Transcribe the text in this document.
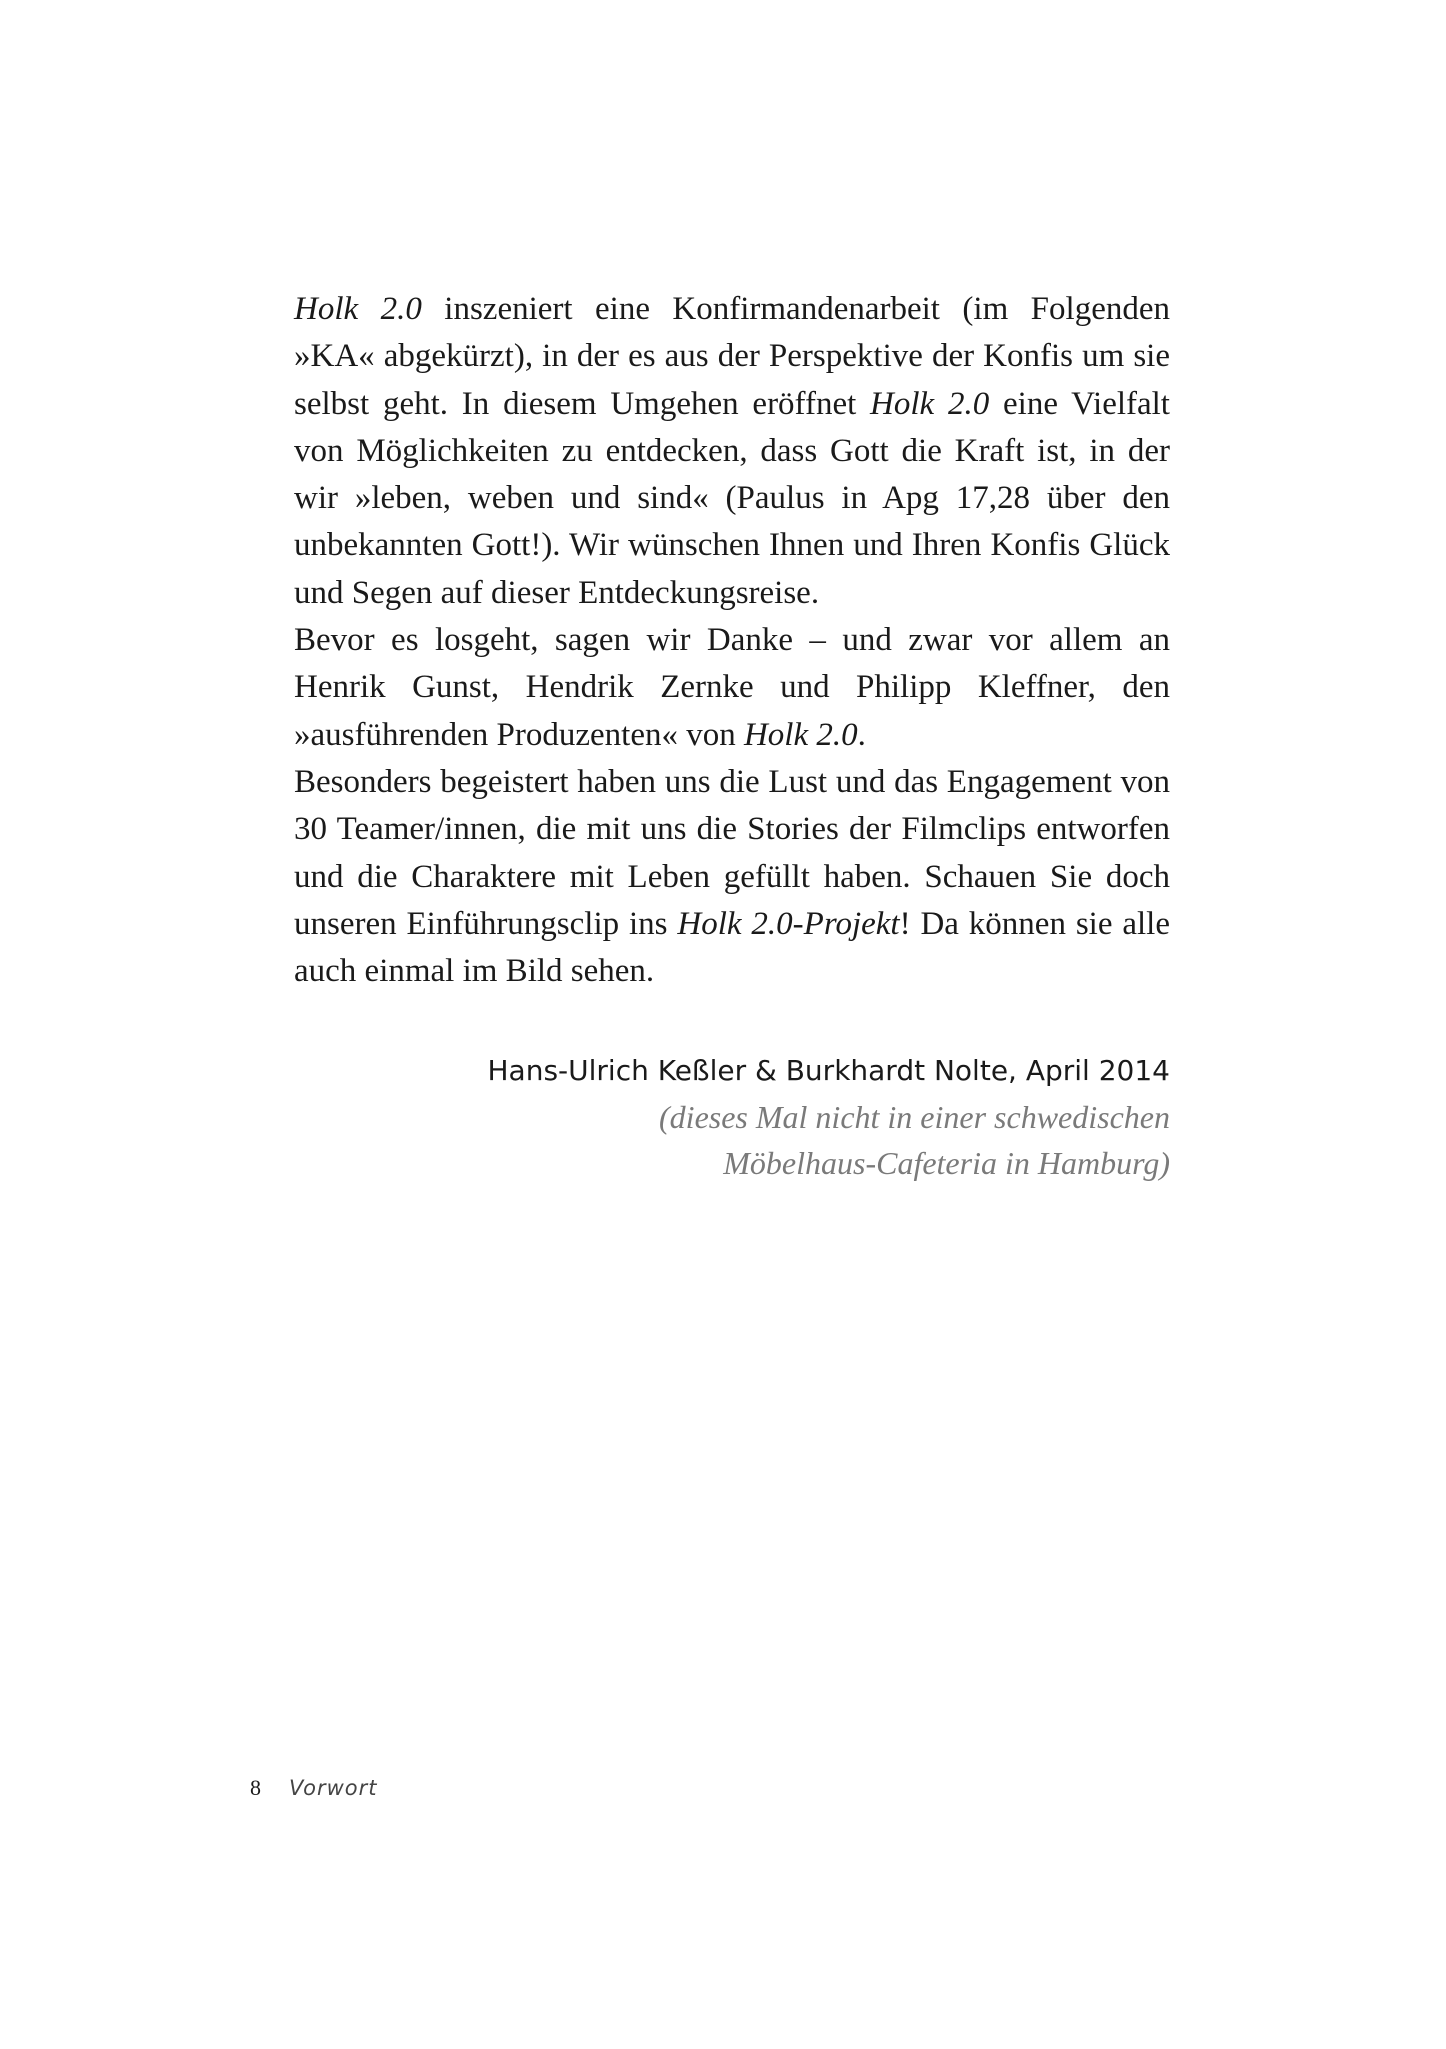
Holk 2.0 inszeniert eine Konfirmandenarbeit (im Folgenden »KA« abgekürzt), in der es aus der Perspektive der Konfis um sie selbst geht. In diesem Umgehen eröffnet Holk 2.0 eine Vielfalt von Möglichkeiten zu entdecken, dass Gott die Kraft ist, in der wir »leben, weben und sind« (Paulus in Apg 17,28 über den unbekannten Gott!). Wir wünschen Ihnen und Ihren Konfis Glück und Segen auf dieser Entdeckungsreise.

Bevor es losgeht, sagen wir Danke – und zwar vor allem an Henrik Gunst, Hendrik Zernke und Philipp Kleffner, den »ausführenden Produzenten« von Holk 2.0.

Besonders begeistert haben uns die Lust und das Engagement von 30 Teamer/innen, die mit uns die Stories der Filmclips entworfen und die Charaktere mit Leben gefüllt haben. Schauen Sie doch unseren Einführungsclip ins Holk 2.0-Projekt! Da können sie alle auch einmal im Bild sehen.

Hans-Ulrich Keßler & Burkhardt Nolte, April 2014
(dieses Mal nicht in einer schwedischen
Möbelhaus-Cafeteria in Hamburg)
8 Vorwort
